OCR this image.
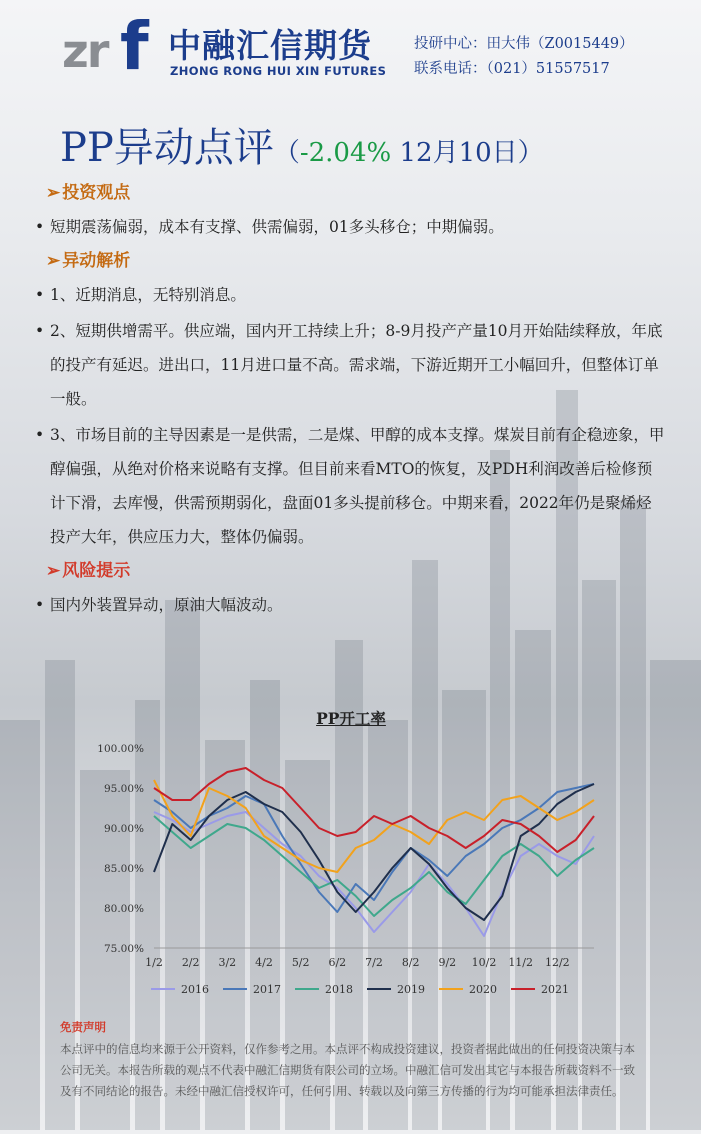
zr f 中融汇信期货
ZHONG RONG HUI XIN FUTURES
投研中心：田大伟（Z0015449）
联系电话：（021）51557517
PP异动点评（-2.04% 12月10日）
➢ 投资观点
• 短期震荡偏弱，成本有支撑、供需偏弱，01多头移仓；中期偏弱。
➢ 异动解析
• 1、近期消息，无特别消息。
• 2、短期供增需平。供应端，国内开工持续上升；8-9月投产产量10月开始陆续释放，年底的投产有延迟。进出口，11月进口量不高。需求端，下游近期开工小幅回升，但整体订单一般。
• 3、市场目前的主导因素是一是供需，二是煤、甲醇的成本支撑。煤炭目前有企稳迹象，甲醇偏强，从绝对价格来说略有支撑。但目前来看MTO的恢复，及PDH利润改善后检修预计下滑，去库慢，供需预期弱化，盘面01多头提前移仓。中期来看，2022年仍是聚烯烃投产大年，供应压力大，整体仍偏弱。
➢ 风险提示
• 国内外装置异动，原油大幅波动。
PP开工率
100.00%
95.00%
90.00%
85.00%
80.00%
75.00%
1/2 2/2 3/2 4/2 5/2 6/2 7/2 8/2 9/2 10/2 11/2 12/2
2016	2017	2018	2019	2020	2021
免责声明
本点评中的信息均来源于公开资料，仅作参考之用。本点评不构成投资建议，投资者据此做出的任何投资决策与本公司无关。本报告所载的观点不代表中融汇信期货有限公司的立场。中融汇信可发出其它与本报告所载资料不一致及有不同结论的报告。未经中融汇信授权许可，任何引用、转载以及向第三方传播的行为均可能承担法律责任。
